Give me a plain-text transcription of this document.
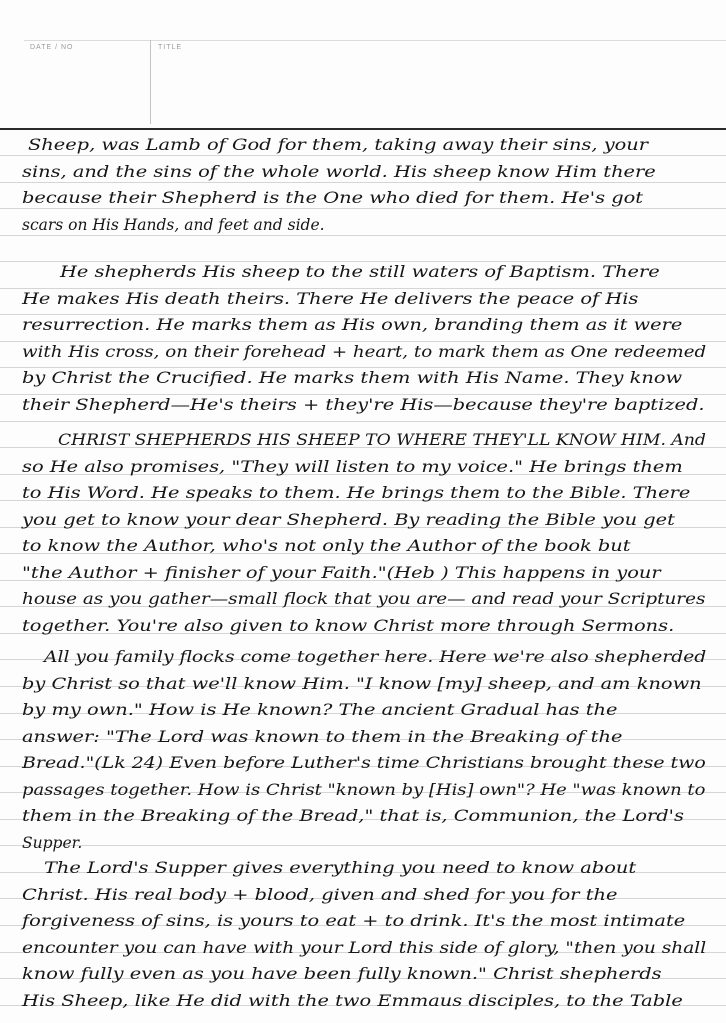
DATE / NO	TITLE
Sheep, was Lamb of God for them, taking away their sins, your
sins, and the sins of the whole world. His sheep know Him there
because their Shepherd is the One who died for them. He's got
scars on His Hands, and feet and side.
He shepherds His sheep to the still waters of Baptism. There
He makes His death theirs. There He delivers the peace of His
resurrection. He marks them as His own, branding them as it were
with His cross, on their forehead + heart, to mark them as One redeemed
by Christ the Crucified. He marks them with His Name. They know
their Shepherd—He's theirs + they're His—because they're baptized.
CHRIST SHEPHERDS HIS SHEEP TO WHERE THEY'LL KNOW HIM. And
so He also promises, "They will listen to my voice." He brings them
to His Word. He speaks to them. He brings them to the Bible. There
you get to know your dear Shepherd. By reading the Bible you get
to know the Author, who's not only the Author of the book but
"the Author + finisher of your Faith."(Heb ) This happens in your
house as you gather—small flock that you are— and read your Scriptures
together. You're also given to know Christ more through Sermons.
All you family flocks come together here. Here we're also shepherded
by Christ so that we'll know Him. "I know [my] sheep, and am known
by my own." How is He known? The ancient Gradual has the
answer: "The Lord was known to them in the Breaking of the
Bread."(Lk 24) Even before Luther's time Christians brought these two
passages together. How is Christ "known by [His] own"? He "was known to
them in the Breaking of the Bread," that is, Communion, the Lord's
Supper.
The Lord's Supper gives everything you need to know about
Christ. His real body + blood, given and shed for you for the
forgiveness of sins, is yours to eat + to drink. It's the most intimate
encounter you can have with your Lord this side of glory, "then you shall
know fully even as you have been fully known." Christ shepherds
His Sheep, like He did with the two Emmaus disciples, to the Table
